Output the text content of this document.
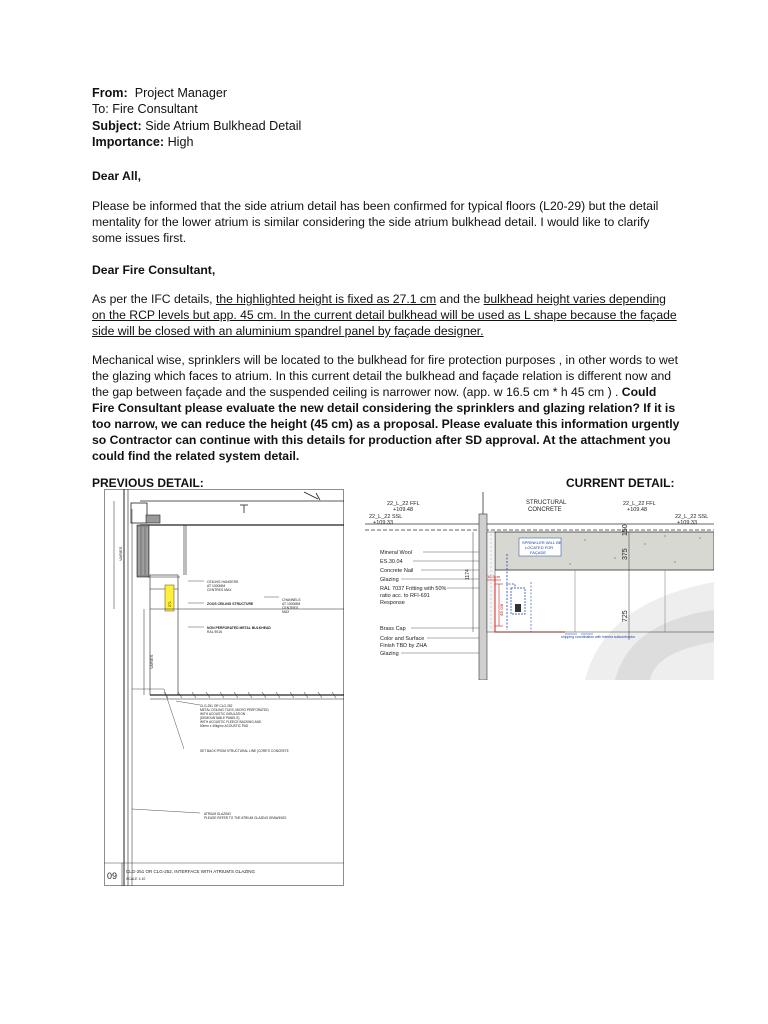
From: Project Manager
To: Fire Consultant
Subject: Side Atrium Bulkhead Detail
Importance: High
Dear All,
Please be informed that the side atrium detail has been confirmed for typical floors (L20-29) but the detail mentality for the lower atrium is similar considering the side atrium bulkhead detail. I would like to clarify some issues first.
Dear Fire Consultant,
As per the IFC details, the highlighted height is fixed as 27.1 cm and the bulkhead height varies depending on the RCP levels but app. 45 cm. In the current detail bulkhead will be used as L shape because the façade side will be closed with an aluminium spandrel panel by façade designer.
Mechanical wise, sprinklers will be located to the bulkhead for fire protection purposes , in other words to wet the glazing which faces to atrium. In this current detail the bulkhead and façade relation is different now and the gap between façade and the suspended ceiling is narrower now. (app. w 16.5 cm * h 45 cm ) . Could Fire Consultant please evaluate the new detail considering the sprinklers and glazing relation? If it is too narrow, we can reduce the height (45 cm) as a proposal. Please evaluate this information urgently so Contractor can continue with this details for production after SD approval. At the attachment you could find the related system detail.
PREVIOUS DETAIL:	CURRENT DETAIL:
VARIES
271
CEILING HANGERS
AT 1000MM
CENTRES MAX
ZOOS CEILING STRUCTURE
CHANNELS
AT 1000MM
CENTRES
MAX
NON PERFORATED METAL BULKHEAD
RAL 9016
VARIES
CLG-251 OR CLG-252
METAL CEILING TILES, MICRO PERFORATED,
WITH ACOUSTIC INSULATION
(DEMOUNTABLE PANELS)
WITH ACOUSTIC FLEECE BACKING AND
50mm x 40kg/m³ ACOUSTIC PAD
SET BACK FROM STRUCTURAL LINE (CORE'S CONCRETE
ATRIUM GLAZING
PLEASE REFER TO THE ATRIUM GLAZING DRAWINGS
09 CLG-251 OR CLG-252, INTERFACE WITH ATRIUM'S GLAZING
SCALE 1:10
22_L_22 FFL
+109.48
22_L_22 SSL
+109.33
STRUCTURAL
CONCRETE
22_L_22 FFL
+109.48
22_L_22 SSL
+109.33
150
375
725
SPRINKLER WILL BE
LOCATED FOR
FAÇADE
1174
Mineral Wool
ES.30.04
Concrete Nail
Glazing
RAL 7037 Fritting with 50%
ratio acc. to RFI-691
Response
Brass Cap
Color and Surface
Finish TBD by ZHA
Glazing
45 cm
16.5cm
shipping coordination with interior subcontractor
